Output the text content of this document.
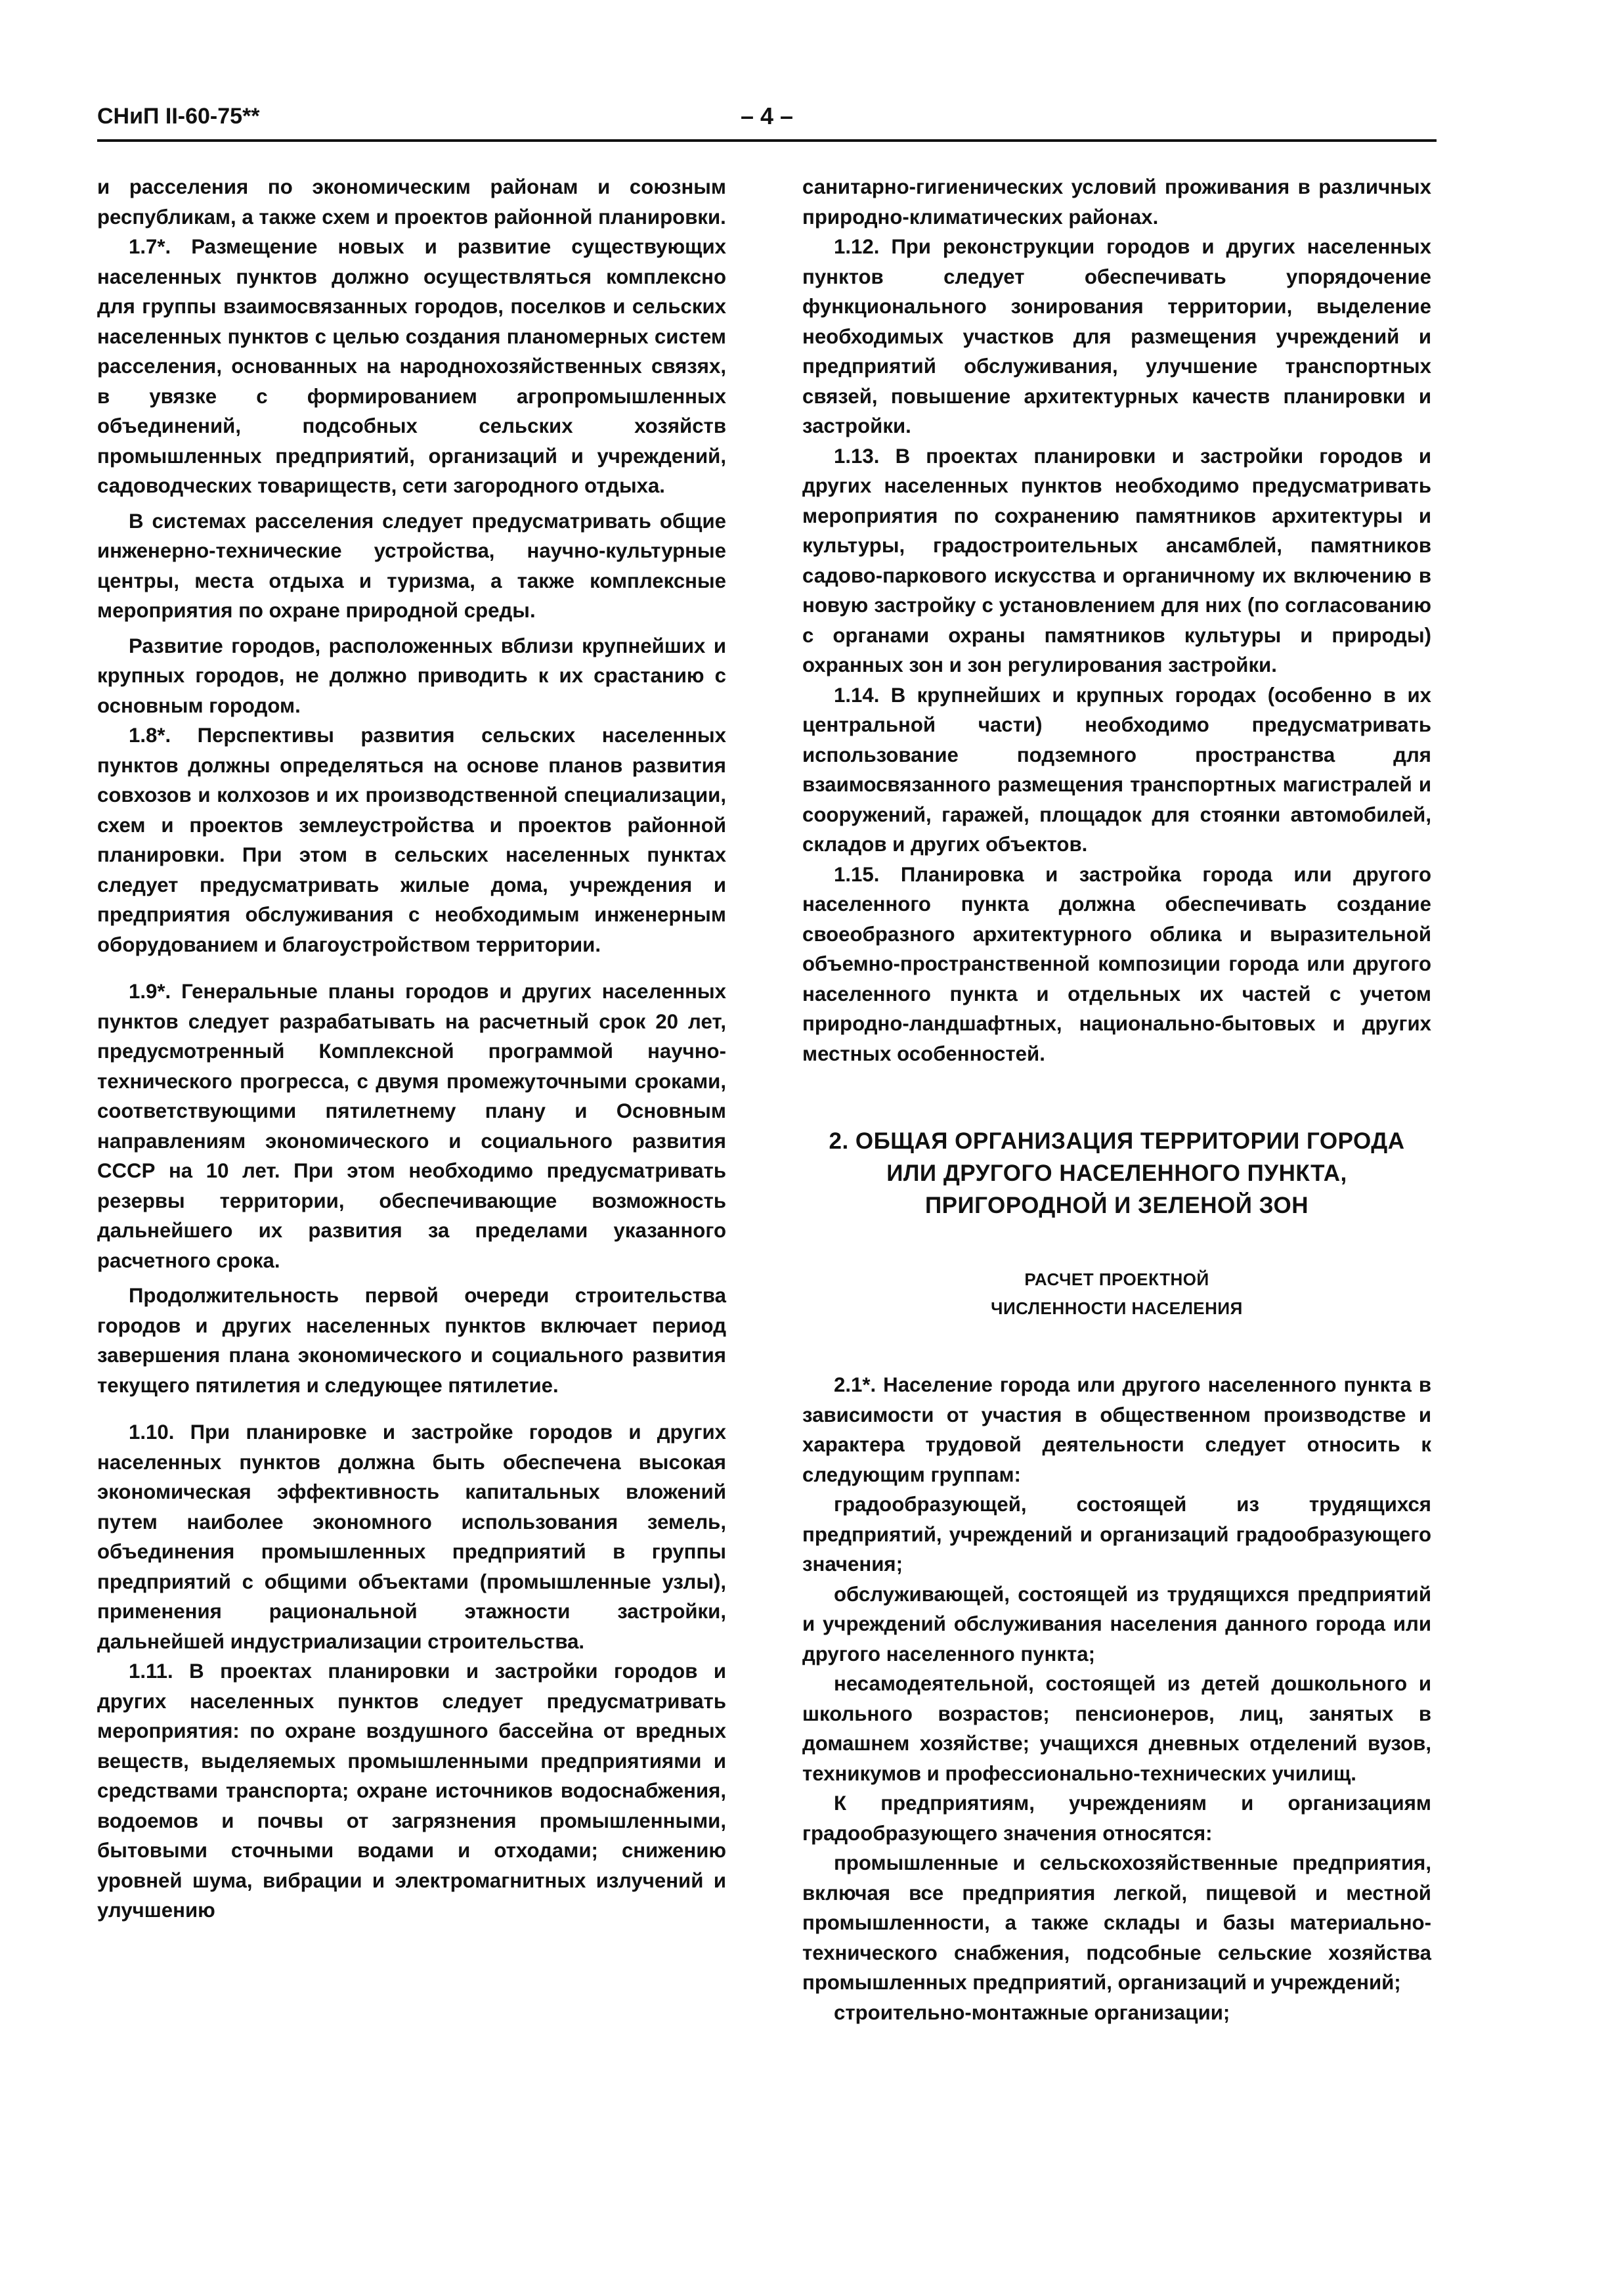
СНиП II-60-75**	– 4 –

и расселения по экономическим районам и союзным республикам, а также схем и проектов районной планировки.

1.7*. Размещение новых и развитие существующих населенных пунктов должно осуществляться комплексно для группы взаимосвязанных городов, поселков и сельских населенных пунктов с целью создания планомерных систем расселения, основанных на народнохозяйственных связях, в увязке с формированием агропромышленных объединений, подсобных сельских хозяйств промышленных предприятий, организаций и учреждений, садоводческих товариществ, сети загородного отдыха.

В системах расселения следует предусматривать общие инженерно-технические устройства, научно-культурные центры, места отдыха и туризма, а также комплексные мероприятия по охране природной среды.

Развитие городов, расположенных вблизи крупнейших и крупных городов, не должно приводить к их срастанию с основным городом.

1.8*. Перспективы развития сельских населенных пунктов должны определяться на основе планов развития совхозов и колхозов и их производственной специализации, схем и проектов землеустройства и проектов районной планировки. При этом в сельских населенных пунктах следует предусматривать жилые дома, учреждения и предприятия обслуживания с необходимым инженерным оборудованием и благоустройством территории.

1.9*. Генеральные планы городов и других населенных пунктов следует разрабатывать на расчетный срок 20 лет, предусмотренный Комплексной программой научно-технического прогресса, с двумя промежуточными сроками, соответствующими пятилетнему плану и Основным направлениям экономического и социального развития СССР на 10 лет. При этом необходимо предусматривать резервы территории, обеспечивающие возможность дальнейшего их развития за пределами указанного расчетного срока.

Продолжительность первой очереди строительства городов и других населенных пунктов включает период завершения плана экономического и социального развития текущего пятилетия и следующее пятилетие.

1.10. При планировке и застройке городов и других населенных пунктов должна быть обеспечена высокая экономическая эффективность капитальных вложений путем наиболее экономного использования земель, объединения промышленных предприятий в группы предприятий с общими объектами (промышленные узлы), применения рациональной этажности застройки, дальнейшей индустриализации строительства.

1.11. В проектах планировки и застройки городов и других населенных пунктов следует предусматривать мероприятия: по охране воздушного бассейна от вредных веществ, выделяемых промышленными предприятиями и средствами транспорта; охране источников водоснабжения, водоемов и почвы от загрязнения промышленными, бытовыми сточными водами и отходами; снижению уровней шума, вибрации и электромагнитных излучений и улучшению

санитарно-гигиенических условий проживания в различных природно-климатических районах.

1.12. При реконструкции городов и других населенных пунктов следует обеспечивать упорядочение функционального зонирования территории, выделение необходимых участков для размещения учреждений и предприятий обслуживания, улучшение транспортных связей, повышение архитектурных качеств планировки и застройки.

1.13. В проектах планировки и застройки городов и других населенных пунктов необходимо предусматривать мероприятия по сохранению памятников архитектуры и культуры, градостроительных ансамблей, памятников садово-паркового искусства и органичному их включению в новую застройку с установлением для них (по согласованию с органами охраны памятников культуры и природы) охранных зон и зон регулирования застройки.

1.14. В крупнейших и крупных городах (особенно в их центральной части) необходимо предусматривать использование подземного пространства для взаимосвязанного размещения транспортных магистралей и сооружений, гаражей, площадок для стоянки автомобилей, складов и других объектов.

1.15. Планировка и застройка города или другого населенного пункта должна обеспечивать создание своеобразного архитектурного облика и выразительной объемно-пространственной композиции города или другого населенного пункта и отдельных их частей с учетом природно-ландшафтных, национально-бытовых и других местных особенностей.

2. ОБЩАЯ ОРГАНИЗАЦИЯ ТЕРРИТОРИИ ГОРОДА
ИЛИ ДРУГОГО НАСЕЛЕННОГО ПУНКТА,
ПРИГОРОДНОЙ И ЗЕЛЕНОЙ ЗОН
РАСЧЕТ ПРОЕКТНОЙ
ЧИСЛЕННОСТИ НАСЕЛЕНИЯ

2.1*. Население города или другого населенного пункта в зависимости от участия в общественном производстве и характера трудовой деятельности следует относить к следующим группам:

градообразующей, состоящей из трудящихся предприятий, учреждений и организаций градообразующего значения;

обслуживающей, состоящей из трудящихся предприятий и учреждений обслуживания населения данного города или другого населенного пункта;

несамодеятельной, состоящей из детей дошкольного и школьного возрастов; пенсионеров, лиц, занятых в домашнем хозяйстве; учащихся дневных отделений вузов, техникумов и профессионально-технических училищ.

К предприятиям, учреждениям и организациям градообразующего значения относятся:

промышленные и сельскохозяйственные предприятия, включая все предприятия легкой, пищевой и местной промышленности, а также склады и базы материально-технического снабжения, подсобные сельские хозяйства промышленных предприятий, организаций и учреждений;

строительно-монтажные организации;
